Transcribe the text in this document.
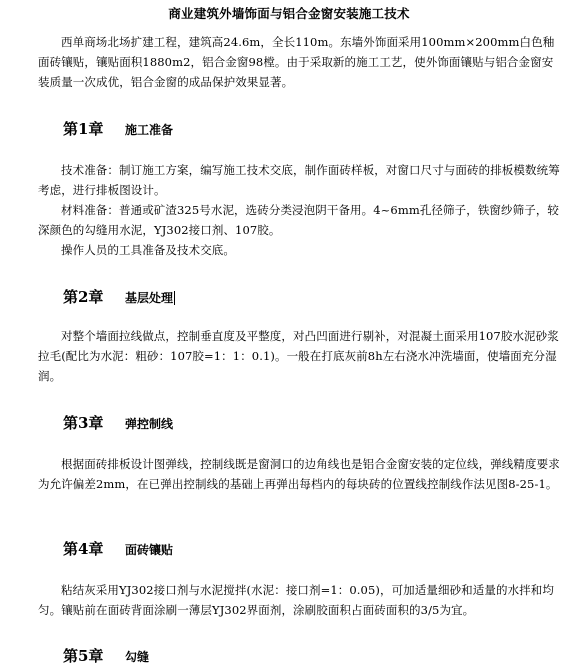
商业建筑外墙饰面与铝合金窗安装施工技术

西单商场北场扩建工程，建筑高24.6m，全长110m。东墙外饰面采用100mm×200mm白色釉面砖镶贴，镶贴面积1880m2，铝合金窗98樘。由于采取新的施工工艺，使外饰面镶贴与铝合金窗安装质量一次成优，铝合金窗的成品保护效果显著。

第1章 施工准备

技术准备：制订施工方案，编写施工技术交底，制作面砖样板，对窗口尺寸与面砖的排板模数统筹考虑，进行排板图设计。

材料准备：普通或矿渣325号水泥，选砖分类浸泡阴干备用。4~6mm孔径筛子，铁窗纱筛子，较深颜色的勾缝用水泥，YJ302接口剂、107胶。

操作人员的工具准备及技术交底。

第2章 基层处理

对整个墙面拉线做点，控制垂直度及平整度，对凸凹面进行剔补，对混凝土面采用107胶水泥砂浆拉毛(配比为水泥：粗砂：107胶=1：1：0.1)。一般在打底灰前8h左右浇水冲洗墙面，使墙面充分湿润。

第3章 弹控制线

根据面砖排板设计图弹线，控制线既是窗洞口的边角线也是铝合金窗安装的定位线，弹线精度要求为允许偏差2mm，在已弹出控制线的基础上再弹出每档内的每块砖的位置线控制线作法见图8-25-1。

第4章 面砖镶贴

粘结灰采用YJ302接口剂与水泥搅拌(水泥：接口剂=1：0.05)，可加适量细砂和适量的水拌和均匀。镶贴前在面砖背面涂刷一薄层YJ302界面剂，涂刷胶面积占面砖面积的3/5为宜。

第5章 勾缝
